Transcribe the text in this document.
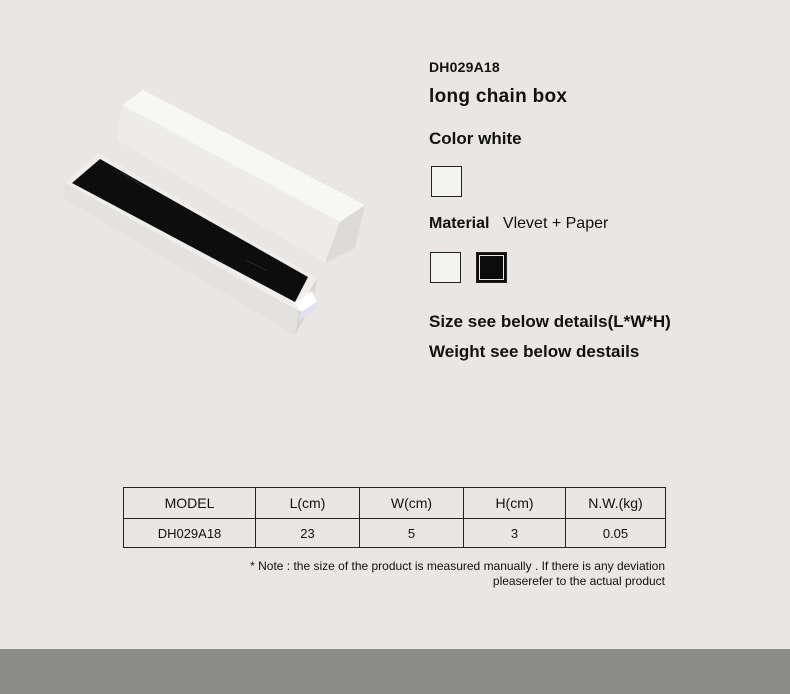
DH029A18
long chain box
Color white
Material Vlevet + Paper
Size see below details(L*W*H)
Weight see below destails
MODEL	L(cm)	W(cm)	H(cm)	N.W.(kg)
DH029A18	23	5	3	0.05
* Note : the size of the product is measured manually . If there is any deviation
pleaserefer to the actual product
